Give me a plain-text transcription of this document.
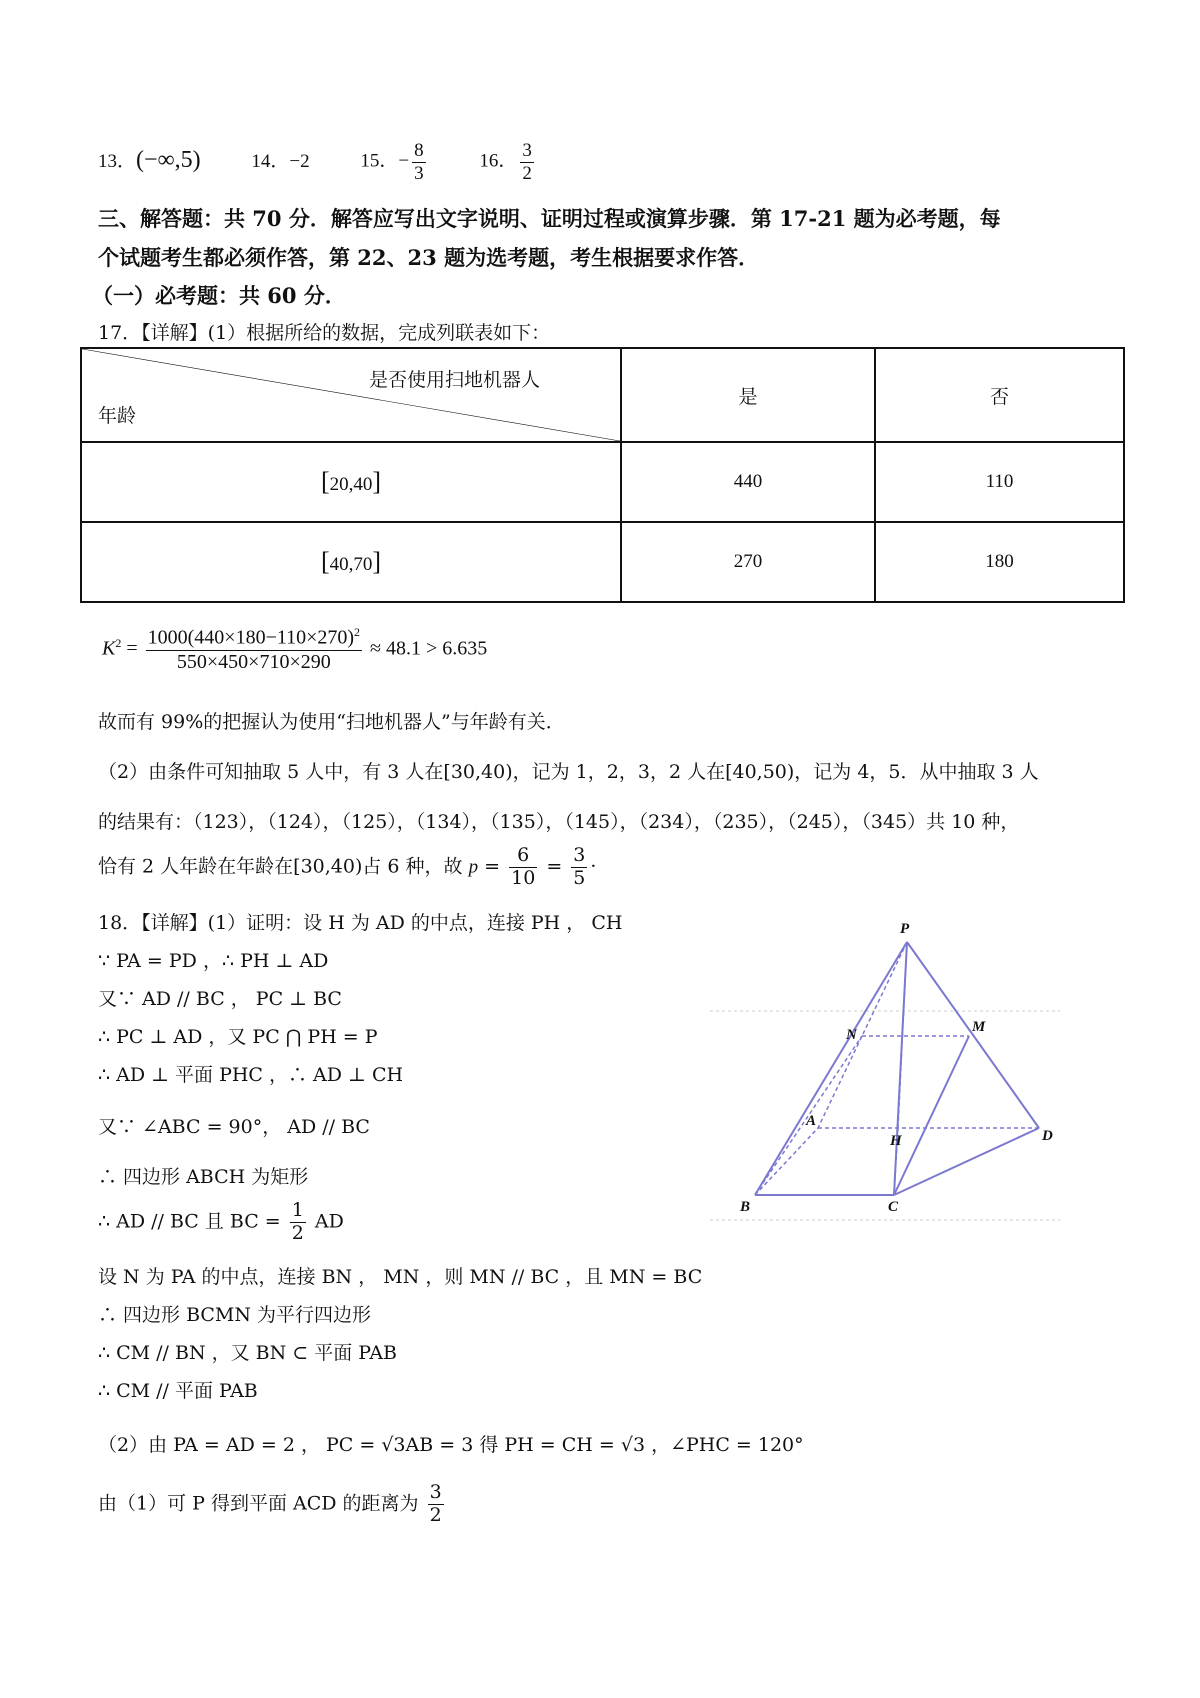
13．(−∞,5)	14．−2	15．− $\frac{8}{3}$	16． $\frac{3}{2}$
三、解答题：共 70 分．解答应写出文字说明、证明过程或演算步骤．第 17-21 题为必考题，每
个试题考生都必须作答，第 22、23 题为选考题，考生根据要求作答．
（一）必考题：共 60 分．
17．【详解】(1）根据所给的数据，完成列联表如下：
是否使用扫地机器人
年龄	是	否
[20,40]	440	110
[40,70]	270	180
$K^2 = \frac{1000(440\times 180-110\times 270)^2}{550\times 450\times 710\times 290} \approx 48.1 > 6.635$
故而有 99%的把握认为使用“扫地机器人”与年龄有关．
（2）由条件可知抽取 5 人中，有 3 人在[30,40)，记为 1，2，3，2 人在[40,50)，记为 4，5．从中抽取 3 人
的结果有：（123），（124），（125），（134），（135），（145），（234），（235），（245），（345）共 10 种，
恰有 2 人年龄在年龄在[30,40)占 6 种，故 $p = \frac{6}{10} = \frac{3}{5}$ ·
18．【详解】(1）证明：设 H 为 AD 的中点，连接 PH ， CH
∵ PA = PD ，∴ PH ⊥ AD
又∵ AD // BC ， PC ⊥ BC
∴ PC ⊥ AD ，又 PC ⋂ PH = P
∴ AD ⊥ 平面 PHC ，∴ AD ⊥ CH
又∵ ∠ABC = 90°， AD // BC
∴ 四边形 ABCH 为矩形
∴ AD // BC 且 BC = $\frac{1}{2}$ AD
设 N 为 PA 的中点，连接 BN ， MN ，则 MN // BC ，且 MN = BC
∴ 四边形 BCMN 为平行四边形
∴ CM // BN ，又 BN ⊂ 平面 PAB
∴ CM // 平面 PAB
（2）由 PA = AD = 2 ， PC = √3AB = 3 得 PH = CH = √3 ，∠PHC = 120°
由（1）可 P 得到平面 ACD 的距离为 $\frac{3}{2}$
P
N	M
A
H	D
B	C
